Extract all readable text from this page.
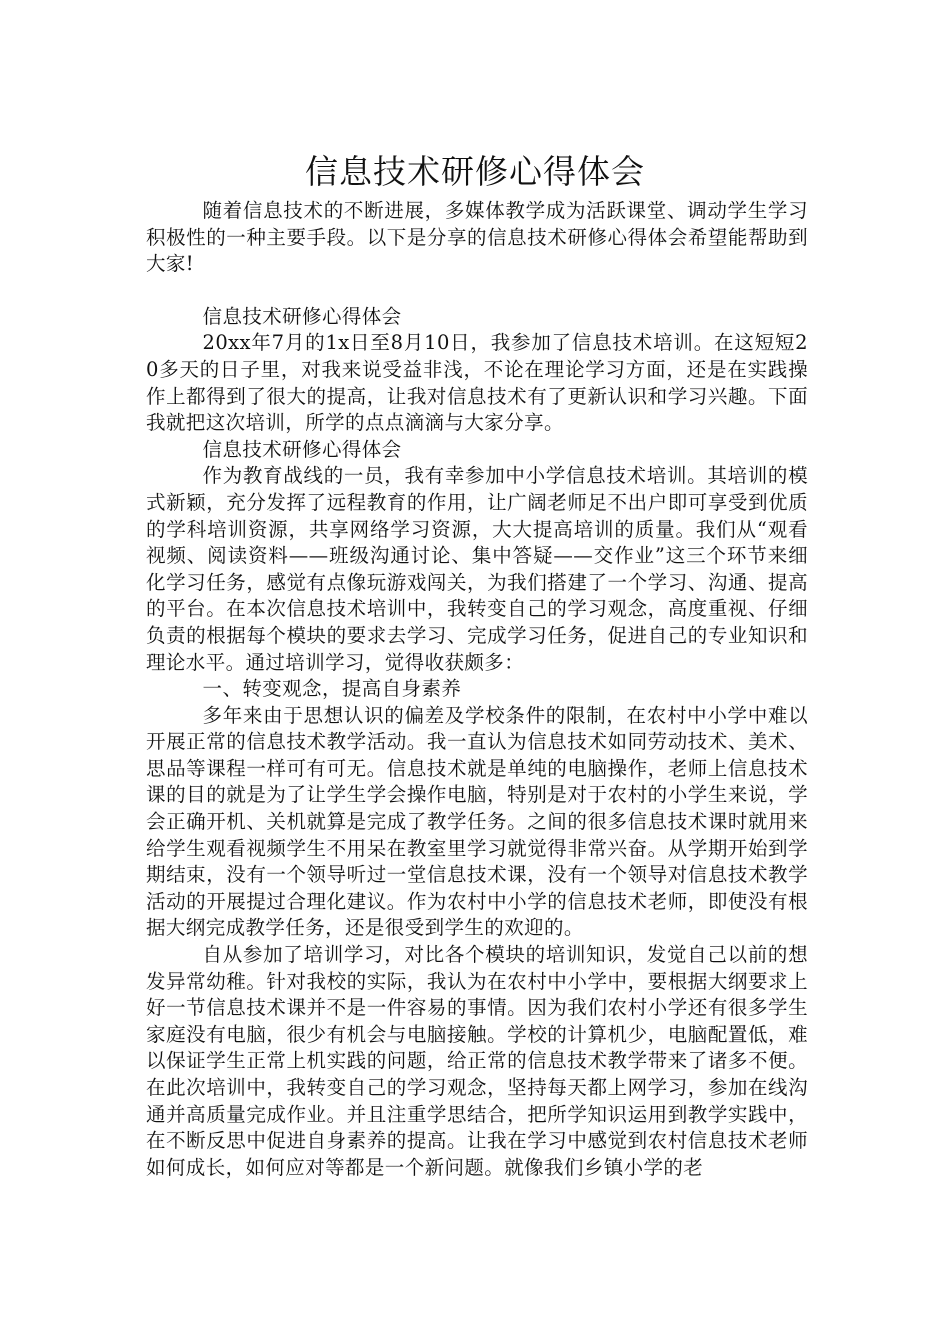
信息技术研修心得体会

随着信息技术的不断进展，多媒体教学成为活跃课堂、调动学生学习积极性的一种主要手段。以下是分享的信息技术研修心得体会希望能帮助到大家!

信息技术研修心得体会

20xx年7月的1x日至8月10日，我参加了信息技术培训。在这短短20多天的日子里，对我来说受益非浅，不论在理论学习方面，还是在实践操作上都得到了很大的提高，让我对信息技术有了更新认识和学习兴趣。下面我就把这次培训，所学的点点滴滴与大家分享。

信息技术研修心得体会

作为教育战线的一员，我有幸参加中小学信息技术培训。其培训的模式新颖，充分发挥了远程教育的作用，让广阔老师足不出户即可享受到优质的学科培训资源，共享网络学习资源，大大提高培训的质量。我们从“观看视频、阅读资料——班级沟通讨论、集中答疑——交作业”这三个环节来细化学习任务，感觉有点像玩游戏闯关，为我们搭建了一个学习、沟通、提高的平台。在本次信息技术培训中，我转变自己的学习观念，高度重视、仔细负责的根据每个模块的要求去学习、完成学习任务，促进自己的专业知识和理论水平。通过培训学习，觉得收获颇多：

一、转变观念，提高自身素养

多年来由于思想认识的偏差及学校条件的限制，在农村中小学中难以开展正常的信息技术教学活动。我一直认为信息技术如同劳动技术、美术、思品等课程一样可有可无。信息技术就是单纯的电脑操作，老师上信息技术课的目的就是为了让学生学会操作电脑，特别是对于农村的小学生来说，学会正确开机、关机就算是完成了教学任务。之间的很多信息技术课时就用来给学生观看视频学生不用呆在教室里学习就觉得非常兴奋。从学期开始到学期结束，没有一个领导听过一堂信息技术课，没有一个领导对信息技术教学活动的开展提过合理化建议。作为农村中小学的信息技术老师，即使没有根据大纲完成教学任务，还是很受到学生的欢迎的。

自从参加了培训学习，对比各个模块的培训知识，发觉自己以前的想发异常幼稚。针对我校的实际，我认为在农村中小学中，要根据大纲要求上好一节信息技术课并不是一件容易的事情。因为我们农村小学还有很多学生家庭没有电脑，很少有机会与电脑接触。学校的计算机少，电脑配置低，难以保证学生正常上机实践的问题，给正常的信息技术教学带来了诸多不便。在此次培训中，我转变自己的学习观念，坚持每天都上网学习，参加在线沟通并高质量完成作业。并且注重学思结合，把所学知识运用到教学实践中，在不断反思中促进自身素养的提高。让我在学习中感觉到农村信息技术老师如何成长，如何应对等都是一个新问题。就像我们乡镇小学的老
